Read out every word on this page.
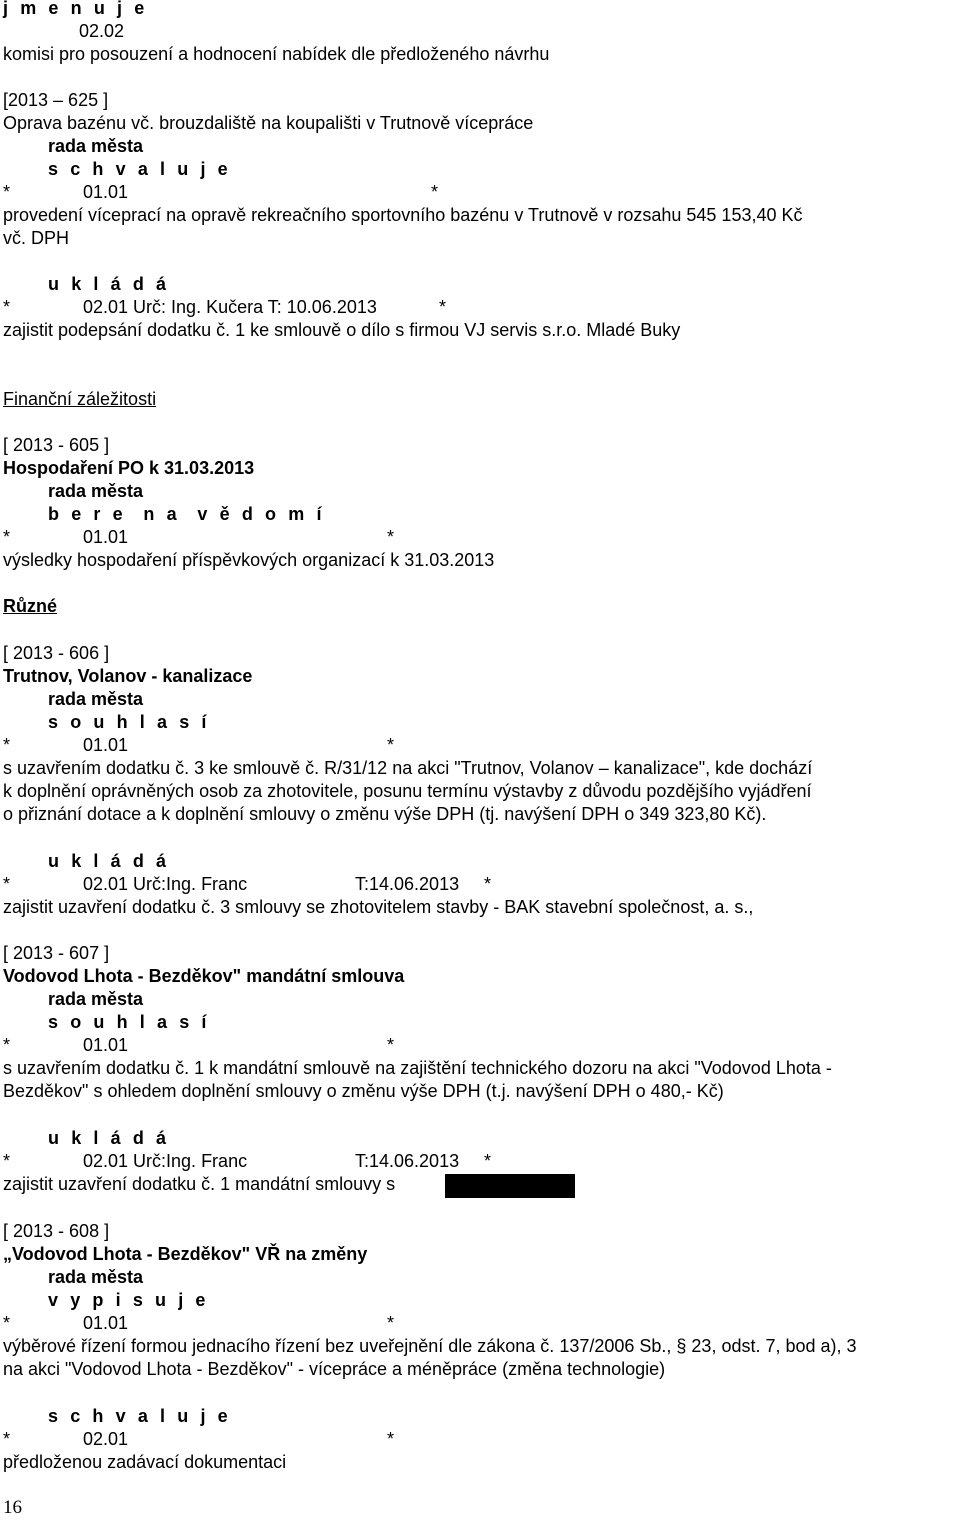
j m e n u j e
02.02
komisi pro posouzení a hodnocení nabídek dle předloženého návrhu
[2013 – 625 ]
Oprava bazénu vč. brouzdaliště na koupališti v Trutnově vícepráce
rada města
s c h v a l u j e
*	01.01	*
provedení víceprací na opravě rekreačního sportovního bazénu v Trutnově v rozsahu 545 153,40 Kč
vč. DPH
u k l á d á
*	02.01 Urč: Ing. Kučera T: 10.06.2013	*
zajistit podepsání dodatku č. 1 ke smlouvě o dílo s firmou VJ servis s.r.o. Mladé Buky
Finanční záležitosti
[ 2013 - 605 ]
Hospodaření PO k 31.03.2013
rada města
b e r e  n a  v ě d o m í
*	01.01	*
výsledky hospodaření příspěvkových organizací k 31.03.2013
Různé
[ 2013 - 606 ]
Trutnov, Volanov - kanalizace
rada města
s o u h l a s í
*	01.01	*
s uzavřením dodatku č. 3 ke smlouvě č. R/31/12 na akci "Trutnov, Volanov – kanalizace", kde dochází
k doplnění oprávněných osob za zhotovitele, posunu termínu výstavby z důvodu pozdějšího vyjádření
o přiznání dotace a k doplnění smlouvy o změnu výše DPH (tj. navýšení DPH o 349 323,80 Kč).
u k l á d á
*	02.01 Urč:Ing. Franc	T:14.06.2013 *
zajistit uzavření dodatku č. 3 smlouvy se zhotovitelem stavby - BAK stavební společnost, a. s.,
[ 2013 - 607 ]
Vodovod Lhota - Bezděkov" mandátní smlouva
rada města
s o u h l a s í
*	01.01	*
s uzavřením dodatku č. 1 k mandátní smlouvě na zajištění technického dozoru na akci "Vodovod Lhota -
Bezděkov" s ohledem doplnění smlouvy o změnu výše DPH (t.j. navýšení DPH o 480,- Kč)
u k l á d á
*	02.01 Urč:Ing. Franc	T:14.06.2013 *
zajistit uzavření dodatku č. 1 mandátní smlouvy s
[ 2013 - 608 ]
„Vodovod Lhota - Bezděkov" VŘ na změny
rada města
v y p i s u j e
*	01.01	*
výběrové řízení formou jednacího řízení bez uveřejnění dle zákona č. 137/2006 Sb., § 23, odst. 7, bod a), 3
na akci "Vodovod Lhota - Bezděkov" - vícepráce a méněpráce (změna technologie)
s c h v a l u j e
*	02.01	*
předloženou zadávací dokumentaci
16
